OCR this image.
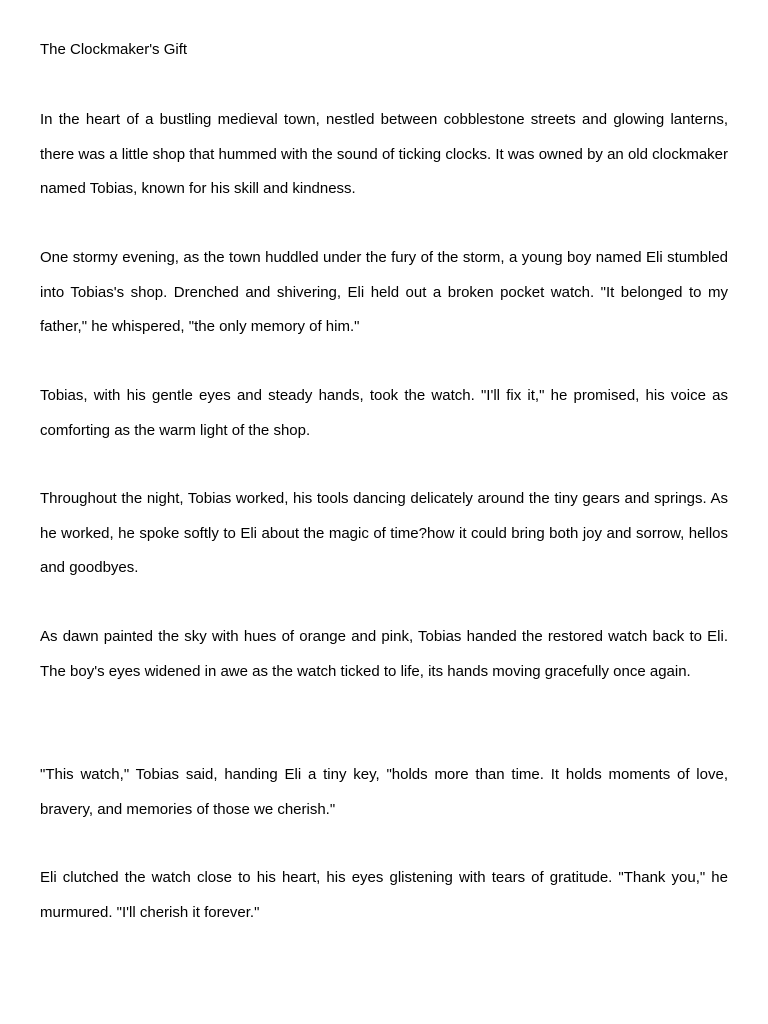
The Clockmaker's Gift

In the heart of a bustling medieval town, nestled between cobblestone streets and glowing lanterns, there was a little shop that hummed with the sound of ticking clocks. It was owned by an old clockmaker named Tobias, known for his skill and kindness.

One stormy evening, as the town huddled under the fury of the storm, a young boy named Eli stumbled into Tobias's shop. Drenched and shivering, Eli held out a broken pocket watch. "It belonged to my father," he whispered, "the only memory of him."

Tobias, with his gentle eyes and steady hands, took the watch. "I'll fix it," he promised, his voice as comforting as the warm light of the shop.

Throughout the night, Tobias worked, his tools dancing delicately around the tiny gears and springs. As he worked, he spoke softly to Eli about the magic of time?how it could bring both joy and sorrow, hellos and goodbyes.

As dawn painted the sky with hues of orange and pink, Tobias handed the restored watch back to Eli. The boy's eyes widened in awe as the watch ticked to life, its hands moving gracefully once again.

"This watch," Tobias said, handing Eli a tiny key, "holds more than time. It holds moments of love, bravery, and memories of those we cherish."

Eli clutched the watch close to his heart, his eyes glistening with tears of gratitude. "Thank you," he murmured. "I'll cherish it forever."
